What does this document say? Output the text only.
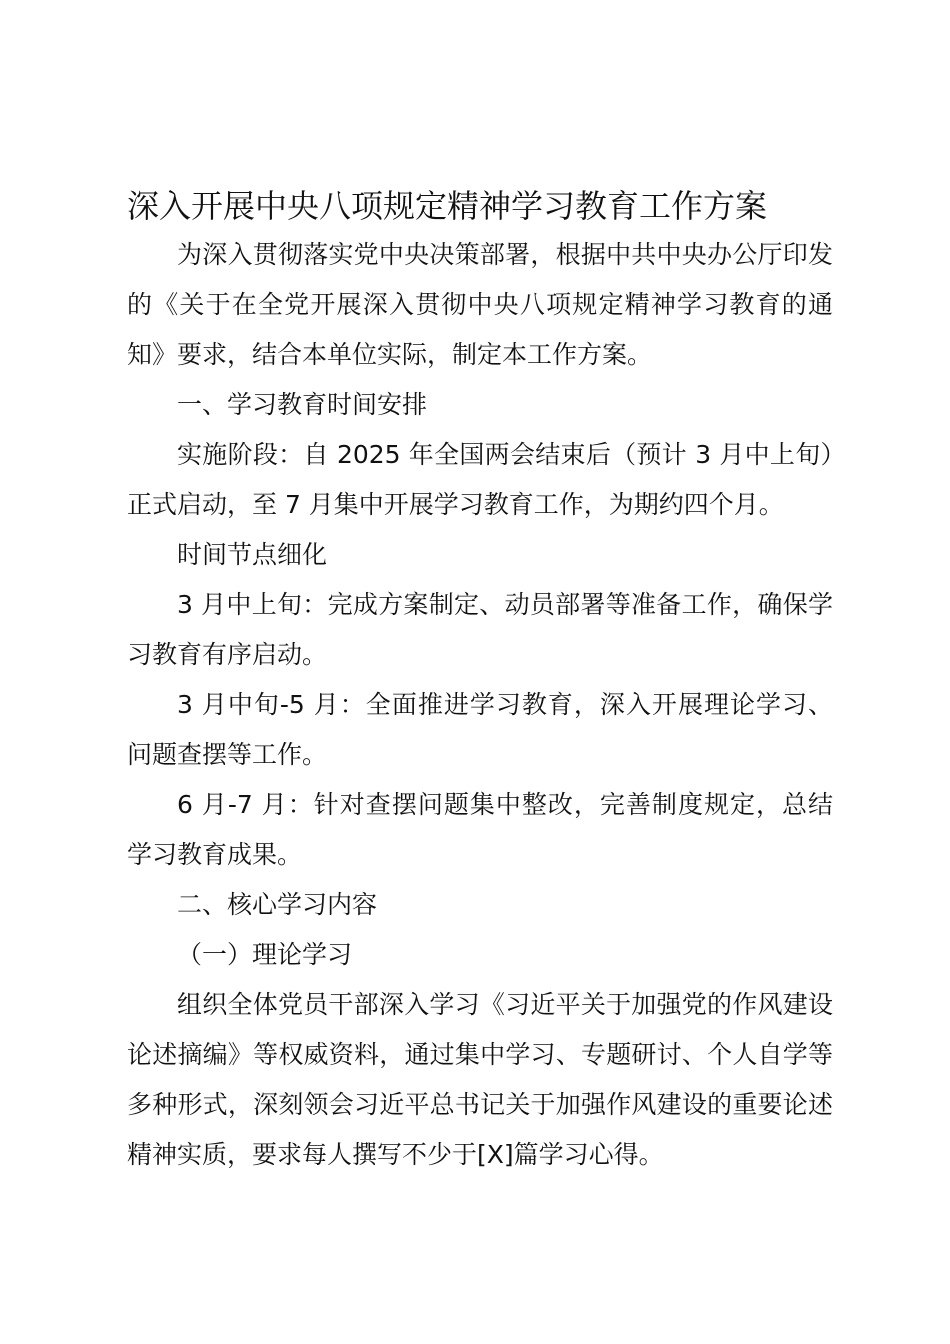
深入开展中央八项规定精神学习教育工作方案

为深入贯彻落实党中央决策部署，根据中共中央办公厅印发的《关于在全党开展深入贯彻中央八项规定精神学习教育的通知》要求，结合本单位实际，制定本工作方案。

一、学习教育时间安排

实施阶段：自 2025 年全国两会结束后（预计 3 月中上旬）正式启动，至 7 月集中开展学习教育工作，为期约四个月。

时间节点细化

3 月中上旬：完成方案制定、动员部署等准备工作，确保学习教育有序启动。

3 月中旬-5 月：全面推进学习教育，深入开展理论学习、问题查摆等工作。

6 月-7 月：针对查摆问题集中整改，完善制度规定，总结学习教育成果。

二、核心学习内容

（一）理论学习

组织全体党员干部深入学习《习近平关于加强党的作风建设论述摘编》等权威资料，通过集中学习、专题研讨、个人自学等多种形式，深刻领会习近平总书记关于加强作风建设的重要论述精神实质，要求每人撰写不少于[X]篇学习心得。
